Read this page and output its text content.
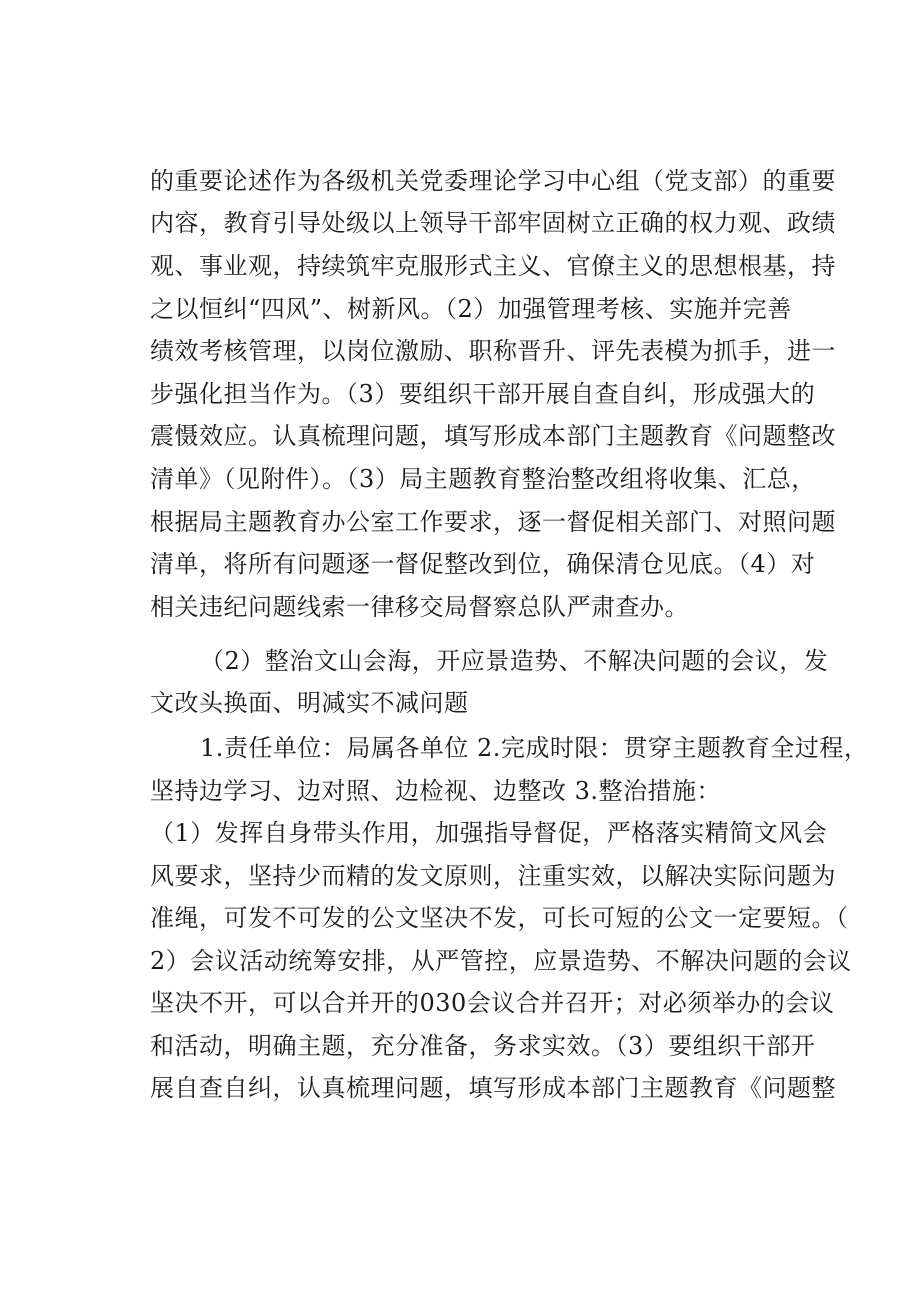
的重要论述作为各级机关党委理论学习中心组（党支部）的重要
内容，教育引导处级以上领导干部牢固树立正确的权力观、政绩
观、事业观，持续筑牢克服形式主义、官僚主义的思想根基，持
之以恒纠“四风”、树新风。（2）加强管理考核、实施并完善
绩效考核管理，以岗位激励、职称晋升、评先表模为抓手，进一
步强化担当作为。（3）要组织干部开展自查自纠，形成强大的
震慑效应。认真梳理问题，填写形成本部门主题教育《问题整改
清单》（见附件）。（3）局主题教育整治整改组将收集、汇总，
根据局主题教育办公室工作要求，逐一督促相关部门、对照问题
清单，将所有问题逐一督促整改到位，确保清仓见底。（4）对
相关违纪问题线索一律移交局督察总队严肃查办。
（2）整治文山会海，开应景造势、不解决问题的会议，发
文改头换面、明减实不减问题
1.责任单位：局属各单位 2.完成时限：贯穿主题教育全过程，
坚持边学习、边对照、边检视、边整改 3.整治措施：
（1）发挥自身带头作用，加强指导督促，严格落实精简文风会
风要求，坚持少而精的发文原则，注重实效，以解决实际问题为
准绳，可发不可发的公文坚决不发，可长可短的公文一定要短。（
2）会议活动统筹安排，从严管控，应景造势、不解决问题的会议
坚决不开，可以合并开的030会议合并召开；对必须举办的会议
和活动，明确主题，充分准备，务求实效。（3）要组织干部开
展自查自纠，认真梳理问题，填写形成本部门主题教育《问题整
